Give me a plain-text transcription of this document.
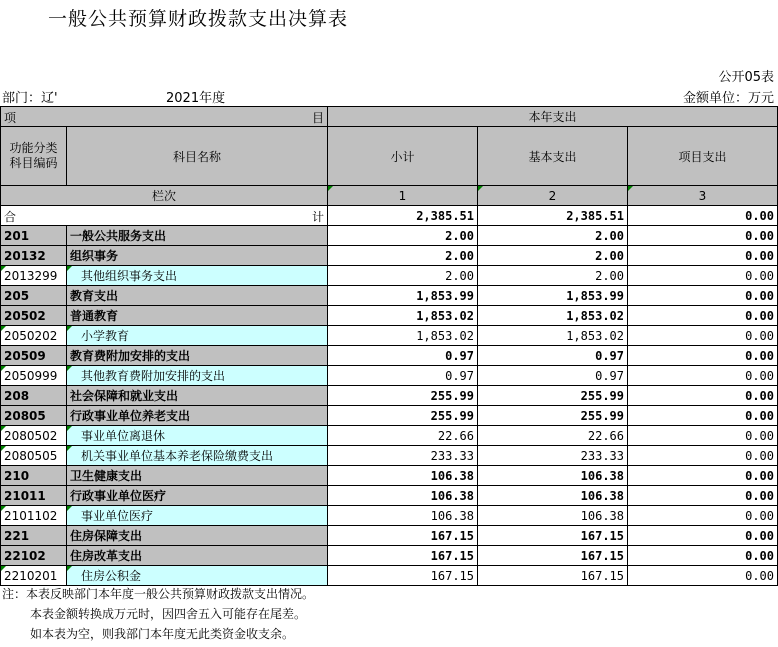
一般公共预算财政拨款支出决算表
公开05表
部门：辽'	2021年度	金额单位：万元
项 目		本年支出		

功能分类
科目编码	科目名称	小计	基本支出	项目支出
栏次		1	2	3

合 计		2,385.51	2,385.51	0.00
201	一般公共服务支出	2.00	2.00	0.00
20132	组织事务	2.00	2.00	0.00
2013299	其他组织事务支出	2.00	2.00	0.00
205	教育支出	1,853.99	1,853.99	0.00
20502	普通教育	1,853.02	1,853.02	0.00
2050202	小学教育	1,853.02	1,853.02	0.00
20509	教育费附加安排的支出	0.97	0.97	0.00
2050999	其他教育费附加安排的支出	0.97	0.97	0.00
208	社会保障和就业支出	255.99	255.99	0.00
20805	行政事业单位养老支出	255.99	255.99	0.00
2080502	事业单位离退休	22.66	22.66	0.00
2080505	机关事业单位基本养老保险缴费支出	233.33	233.33	0.00
210	卫生健康支出	106.38	106.38	0.00
21011	行政事业单位医疗	106.38	106.38	0.00
2101102	事业单位医疗	106.38	106.38	0.00
221	住房保障支出	167.15	167.15	0.00
22102	住房改革支出	167.15	167.15	0.00
2210201	住房公积金	167.15	167.15	0.00
注：本表反映部门本年度一般公共预算财政拨款支出情况。
本表金额转换成万元时，因四舍五入可能存在尾差。
如本表为空，则我部门本年度无此类资金收支余。
